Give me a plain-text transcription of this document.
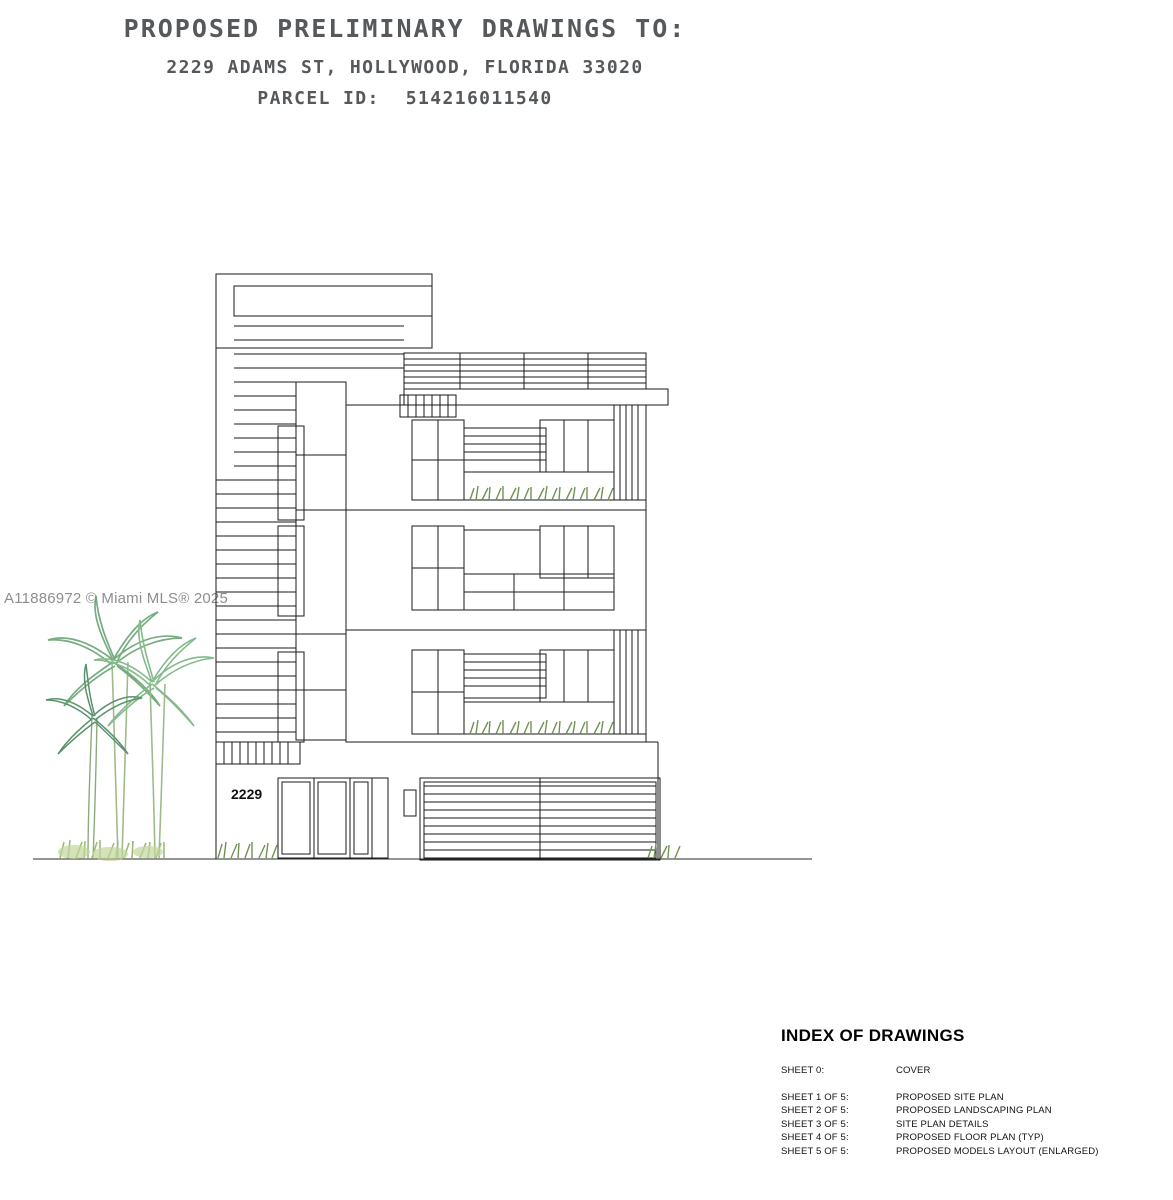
PROPOSED PRELIMINARY DRAWINGS TO:
2229 ADAMS ST, HOLLYWOOD, FLORIDA 33020
PARCEL ID: 514216011540
A11886972 © Miami MLS® 2025
2229
INDEX OF DRAWINGS
SHEET 0:	COVER
SHEET 1 OF 5:	PROPOSED SITE PLAN
SHEET 2 OF 5:	PROPOSED LANDSCAPING PLAN
SHEET 3 OF 5:	SITE PLAN DETAILS
SHEET 4 OF 5:	PROPOSED FLOOR PLAN (TYP)
SHEET 5 OF 5:	PROPOSED MODELS LAYOUT (ENLARGED)
